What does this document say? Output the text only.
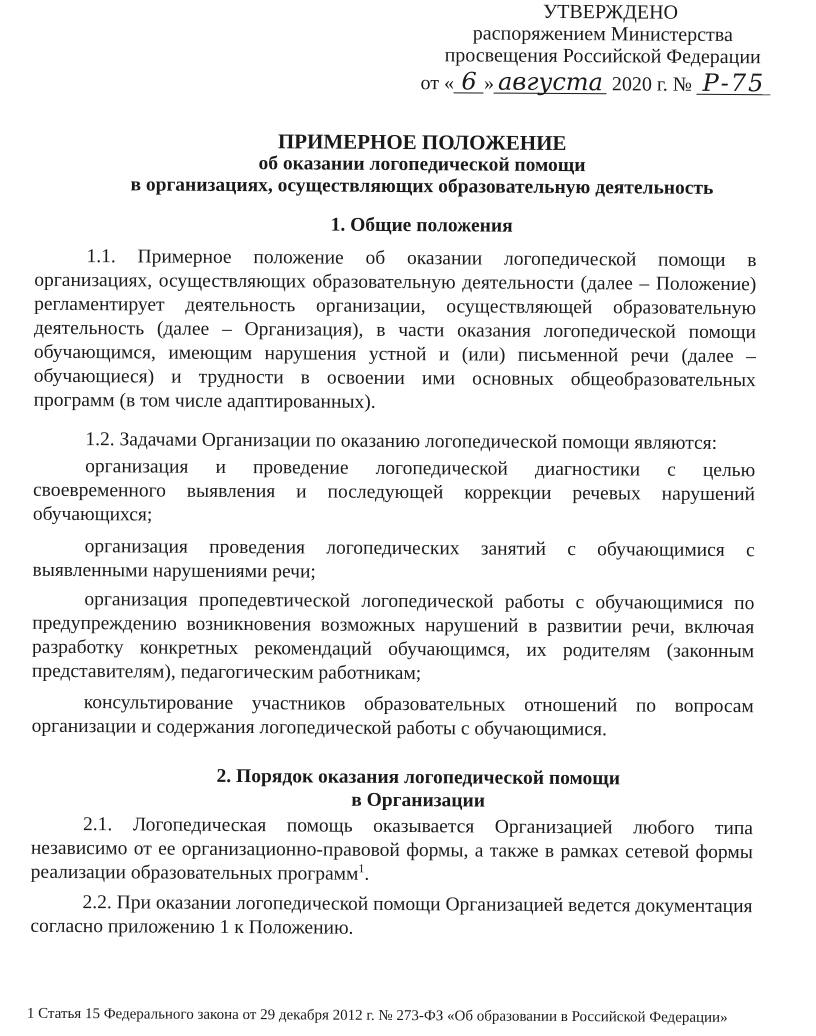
УТВЕРЖДЕНО
распоряжением Министерства
просвещения Российской Федерации
от « 6 » августа 2020 г. № Р-75
ПРИМЕРНОЕ ПОЛОЖЕНИЕ
об оказании логопедической помощи
в организациях, осуществляющих образовательную деятельность
1. Общие положения

1.1. Примерное положение об оказании логопедической помощи в организациях, осуществляющих образовательную деятельности (далее – Положение) регламентирует деятельность организации, осуществляющей образовательную деятельность (далее – Организация), в части оказания логопедической помощи обучающимся, имеющим нарушения устной и (или) письменной речи (далее – обучающиеся) и трудности в освоении ими основных общеобразовательных программ (в том числе адаптированных).

1.2. Задачами Организации по оказанию логопедической помощи являются:

организация и проведение логопедической диагностики с целью своевременного выявления и последующей коррекции речевых нарушений обучающихся;

организация проведения логопедических занятий с обучающимися с выявленными нарушениями речи;

организация пропедевтической логопедической работы с обучающимися по предупреждению возникновения возможных нарушений в развитии речи, включая разработку конкретных рекомендаций обучающимся, их родителям (законным представителям), педагогическим работникам;

консультирование участников образовательных отношений по вопросам организации и содержания логопедической работы с обучающимися.

2. Порядок оказания логопедической помощи
в Организации

2.1. Логопедическая помощь оказывается Организацией любого типа независимо от ее организационно-правовой формы, а также в рамках сетевой формы реализации образовательных программ$^1$.

2.2. При оказании логопедической помощи Организацией ведется документация согласно приложению 1 к Положению.

1 Статья 15 Федерального закона от 29 декабря 2012 г. № 273-ФЗ «Об образовании в Российской Федерации»
